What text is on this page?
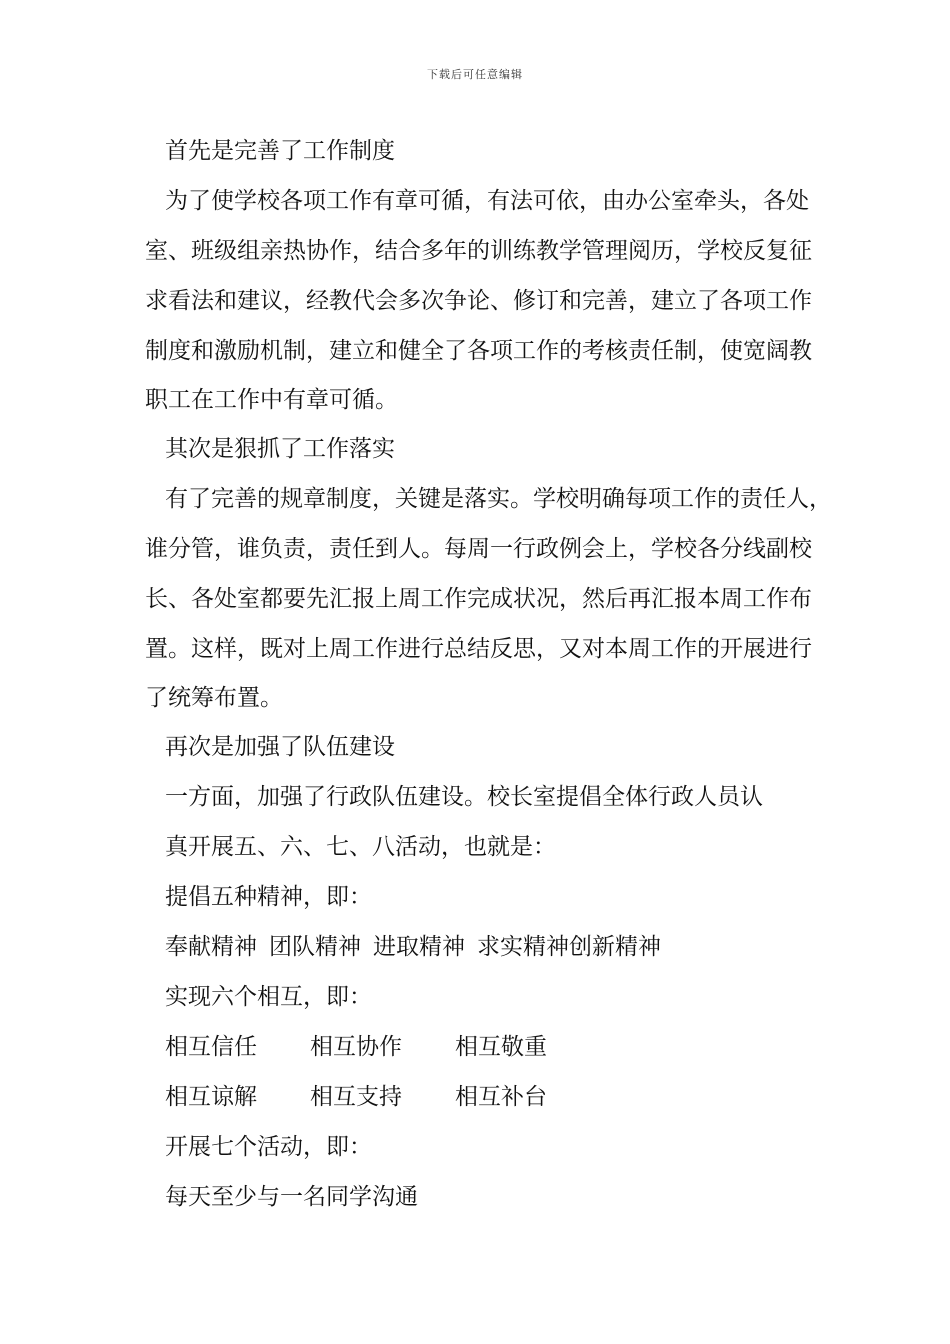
下载后可任意编辑
首先是完善了工作制度
为了使学校各项工作有章可循，有法可依，由办公室牵头，各处
室、班级组亲热协作，结合多年的训练教学管理阅历，学校反复征
求看法和建议，经教代会多次争论、修订和完善，建立了各项工作
制度和激励机制，建立和健全了各项工作的考核责任制，使宽阔教
职工在工作中有章可循。
其次是狠抓了工作落实
有了完善的规章制度，关键是落实。学校明确每项工作的责任人，
谁分管，谁负责，责任到人。每周一行政例会上，学校各分线副校
长、各处室都要先汇报上周工作完成状况，然后再汇报本周工作布
置。这样，既对上周工作进行总结反思，又对本周工作的开展进行
了统筹布置。
再次是加强了队伍建设
一方面，加强了行政队伍建设。校长室提倡全体行政人员认
真开展五、六、七、八活动，也就是：
提倡五种精神，即：
奉献精神 团队精神 进取精神 求实精神创新精神
实现六个相互，即：
相互信任 相互协作 相互敬重
相互谅解 相互支持 相互补台
开展七个活动，即：
每天至少与一名同学沟通
